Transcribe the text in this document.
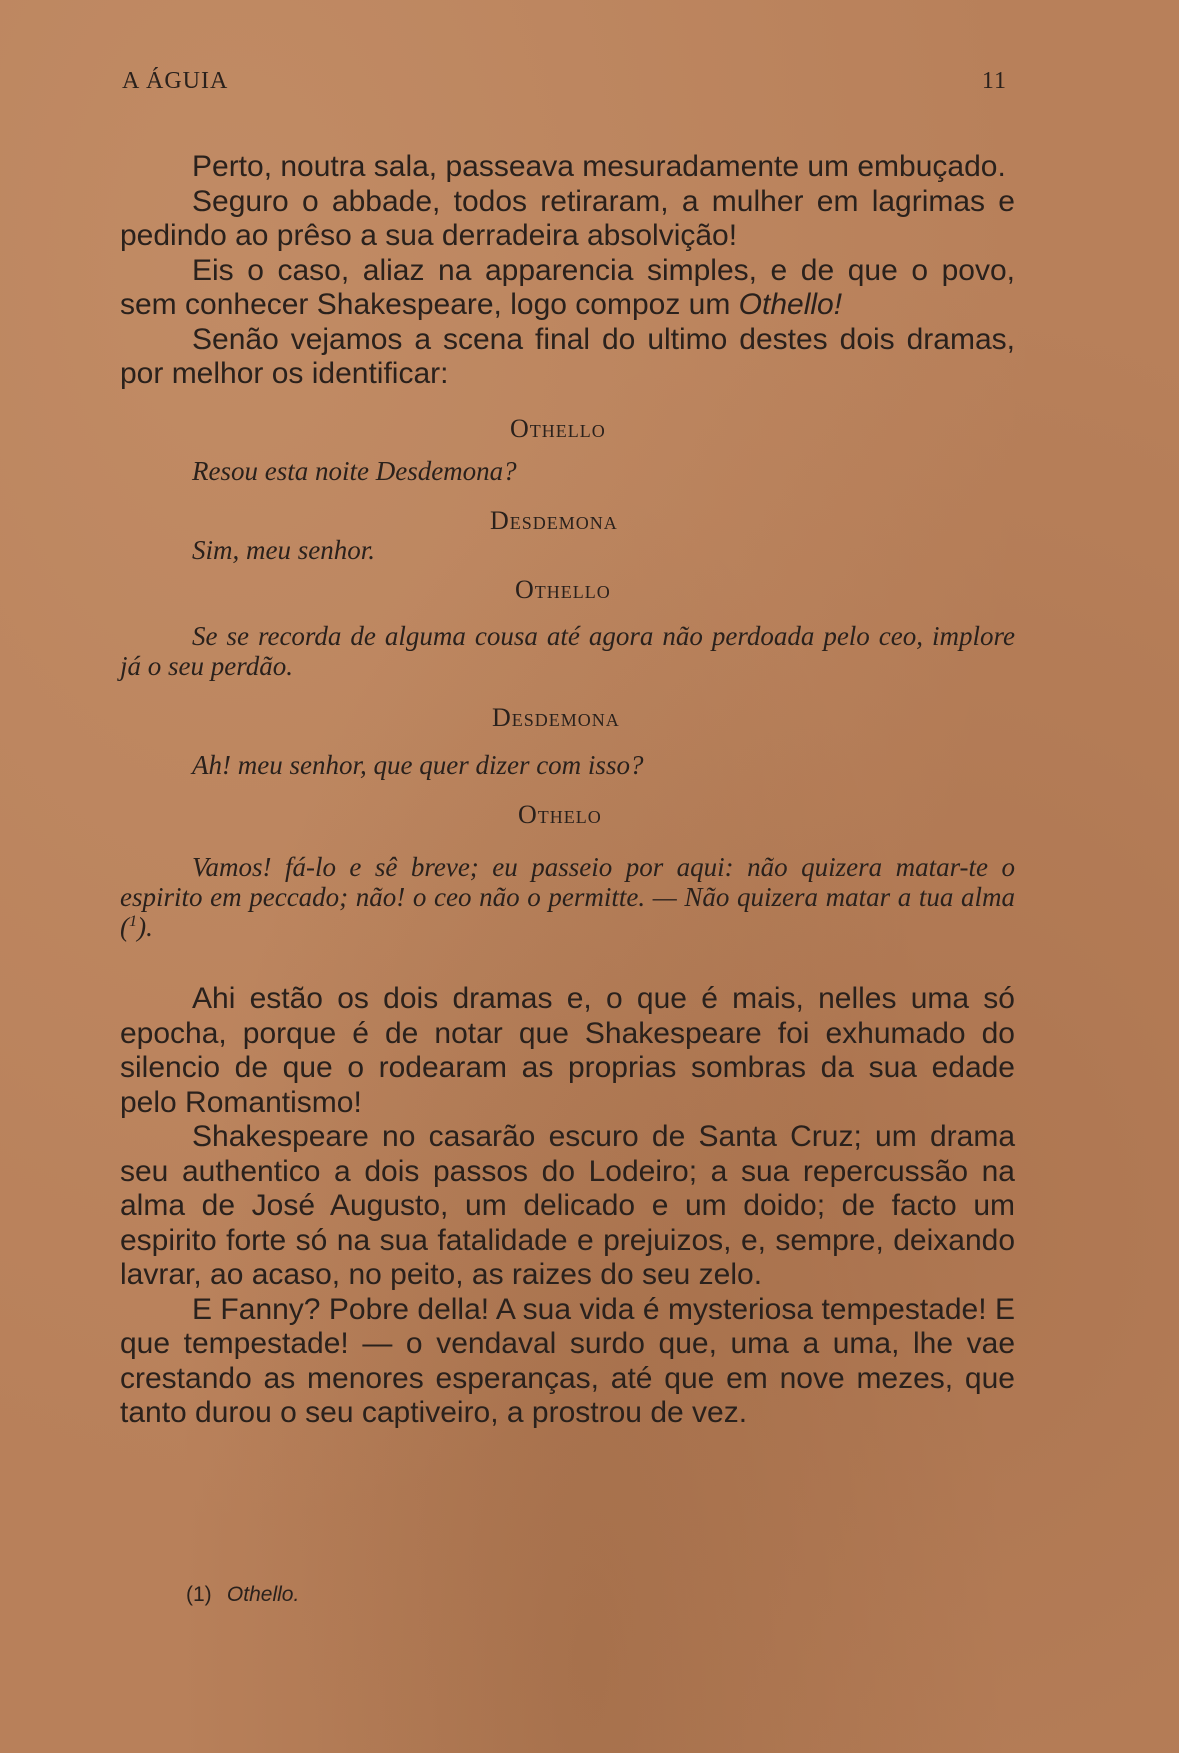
A ÁGUIA	11

Perto, noutra sala, passeava mesuradamente um embuçado.

Seguro o abbade, todos retiraram, a mulher em lagrimas e pedindo ao prêso a sua derradeira absolvição!

Eis o caso, aliaz na apparencia simples, e de que o povo, sem conhecer Shakespeare, logo compoz um Othello!

Senão vejamos a scena final do ultimo destes dois dramas, por melhor os identificar:

Othello

Resou esta noite Desdemona?

Desdemona

Sim, meu senhor.

Othello

Se se recorda de alguma cousa até agora não perdoada pelo ceo, implore já o seu perdão.

Desdemona

Ah! meu senhor, que quer dizer com isso?

Othelo

Vamos! fá-lo e sê breve; eu passeio por aqui: não quizera matar-te o espirito em peccado; não! o ceo não o permitte. — Não quizera matar a tua alma ($^1$).

Ahi estão os dois dramas e, o que é mais, nelles uma só epocha, porque é de notar que Shakespeare foi exhumado do silencio de que o rodearam as proprias sombras da sua edade pelo Romantismo!

Shakespeare no casarão escuro de Santa Cruz; um drama seu authentico a dois passos do Lodeiro; a sua repercussão na alma de José Augusto, um delicado e um doido; de facto um espirito forte só na sua fatalidade e prejuizos, e, sempre, deixando lavrar, ao acaso, no peito, as raizes do seu zelo.

E Fanny? Pobre della! A sua vida é mysteriosa tempestade! E que tempestade! — o vendaval surdo que, uma a uma, lhe vae crestando as menores esperanças, até que em nove mezes, que tanto durou o seu captiveiro, a prostrou de vez.

(1) Othello.
